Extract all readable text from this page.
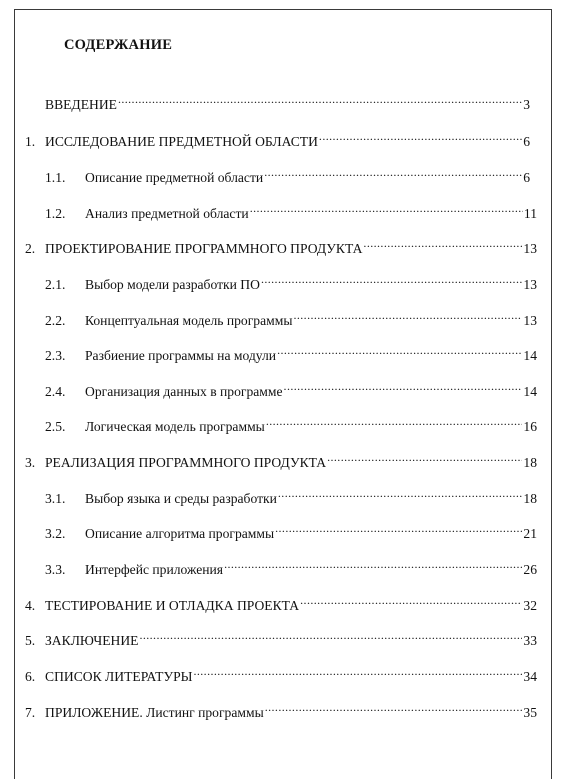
СОДЕРЖАНИЕ
ВВЕДЕНИЕ .....	3
1. ИССЛЕДОВАНИЕ ПРЕДМЕТНОЙ ОБЛАСТИ .....	6
1.1.	Описание предметной области .....	6
1.2.	Анализ предметной области .....	11
2. ПРОЕКТИРОВАНИЕ ПРОГРАММНОГО ПРОДУКТА .....	13
2.1.	Выбор модели разработки ПО .....	13
2.2.	Концептуальная модель программы .....	13
2.3.	Разбиение программы на модули .....	14
2.4.	Организация данных в программе .....	14
2.5.	Логическая модель программы .....	16
3. РЕАЛИЗАЦИЯ ПРОГРАММНОГО ПРОДУКТА .....	18
3.1.	Выбор языка и среды разработки .....	18
3.2.	Описание алгоритма программы .....	21
3.3.	Интерфейс приложения .....	26
4. ТЕСТИРОВАНИЕ И ОТЛАДКА ПРОЕКТА .....	32
5. ЗАКЛЮЧЕНИЕ .....	33
6. СПИСОК ЛИТЕРАТУРЫ .....	34
7. ПРИЛОЖЕНИЕ. Листинг программы .....	35
